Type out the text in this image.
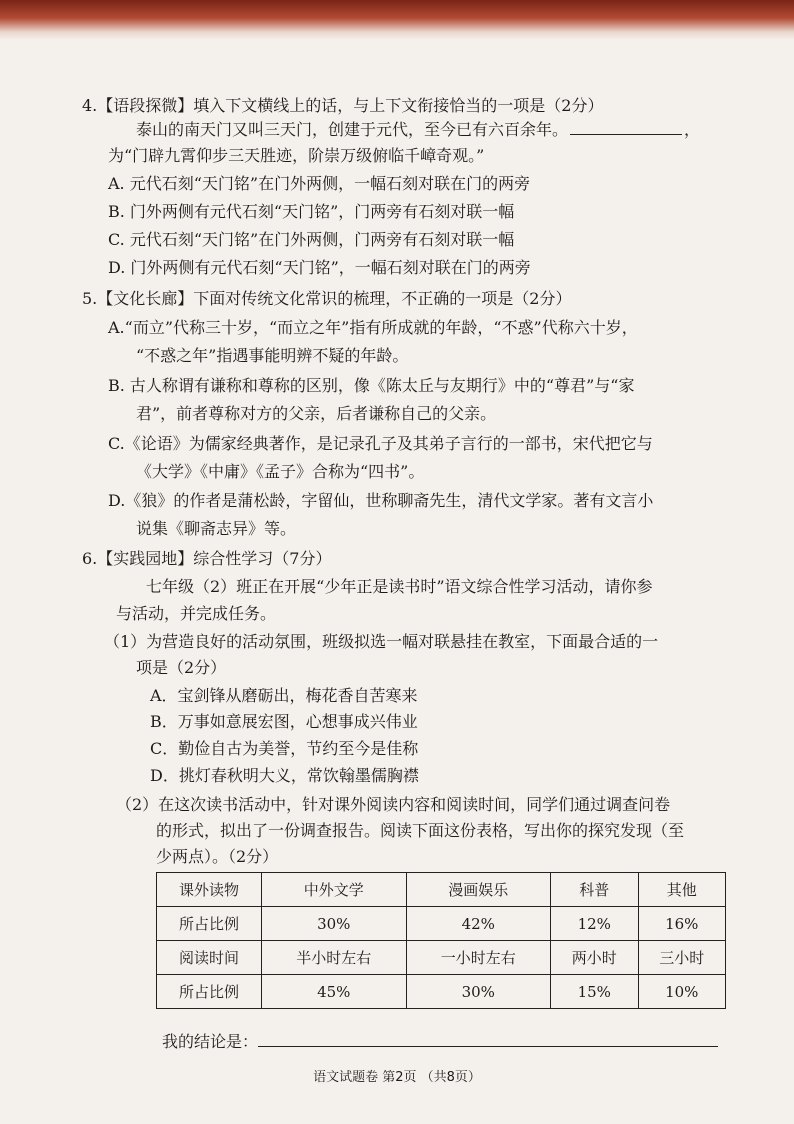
4.【语段探微】填入下文横线上的话，与上下文衔接恰当的一项是（2分）
泰山的南天门又叫三天门，创建于元代，至今已有六百余年。	，
为“门辟九霄仰步三天胜迹，阶崇万级俯临千嶂奇观。”
A. 元代石刻“天门铭”在门外两侧，一幅石刻对联在门的两旁
B. 门外两侧有元代石刻“天门铭”，门两旁有石刻对联一幅
C. 元代石刻“天门铭”在门外两侧，门两旁有石刻对联一幅
D. 门外两侧有元代石刻“天门铭”，一幅石刻对联在门的两旁
5.【文化长廊】下面对传统文化常识的梳理，不正确的一项是（2分）
A.“而立”代称三十岁，“而立之年”指有所成就的年龄，“不惑”代称六十岁，
“不惑之年”指遇事能明辨不疑的年龄。
B. 古人称谓有谦称和尊称的区别，像《陈太丘与友期行》中的“尊君”与“家
君”，前者尊称对方的父亲，后者谦称自己的父亲。
C.《论语》为儒家经典著作，是记录孔子及其弟子言行的一部书，宋代把它与
《大学》《中庸》《孟子》合称为“四书”。
D.《狼》的作者是蒲松龄，字留仙，世称聊斋先生，清代文学家。著有文言小
说集《聊斋志异》等。
6.【实践园地】综合性学习（7分）
七年级（2）班正在开展“少年正是读书时”语文综合性学习活动，请你参
与活动，并完成任务。
（1）为营造良好的活动氛围，班级拟选一幅对联悬挂在教室，下面最合适的一
项是（2分）
A．宝剑锋从磨砺出，梅花香自苦寒来
B．万事如意展宏图，心想事成兴伟业
C．勤俭自古为美誉，节约至今是佳称
D．挑灯春秋明大义，常饮翰墨儒胸襟
（2）在这次读书活动中，针对课外阅读内容和阅读时间，同学们通过调查问卷
的形式，拟出了一份调查报告。阅读下面这份表格，写出你的探究发现（至
少两点）。（2分）
课外读物	中外文学	漫画娱乐	科普	其他
所占比例	30%	42%	12%	16%
阅读时间	半小时左右	一小时左右	两小时	三小时
所占比例	45%	30%	15%	10%
我的结论是：
语文试题卷 第2页 （共8页）
